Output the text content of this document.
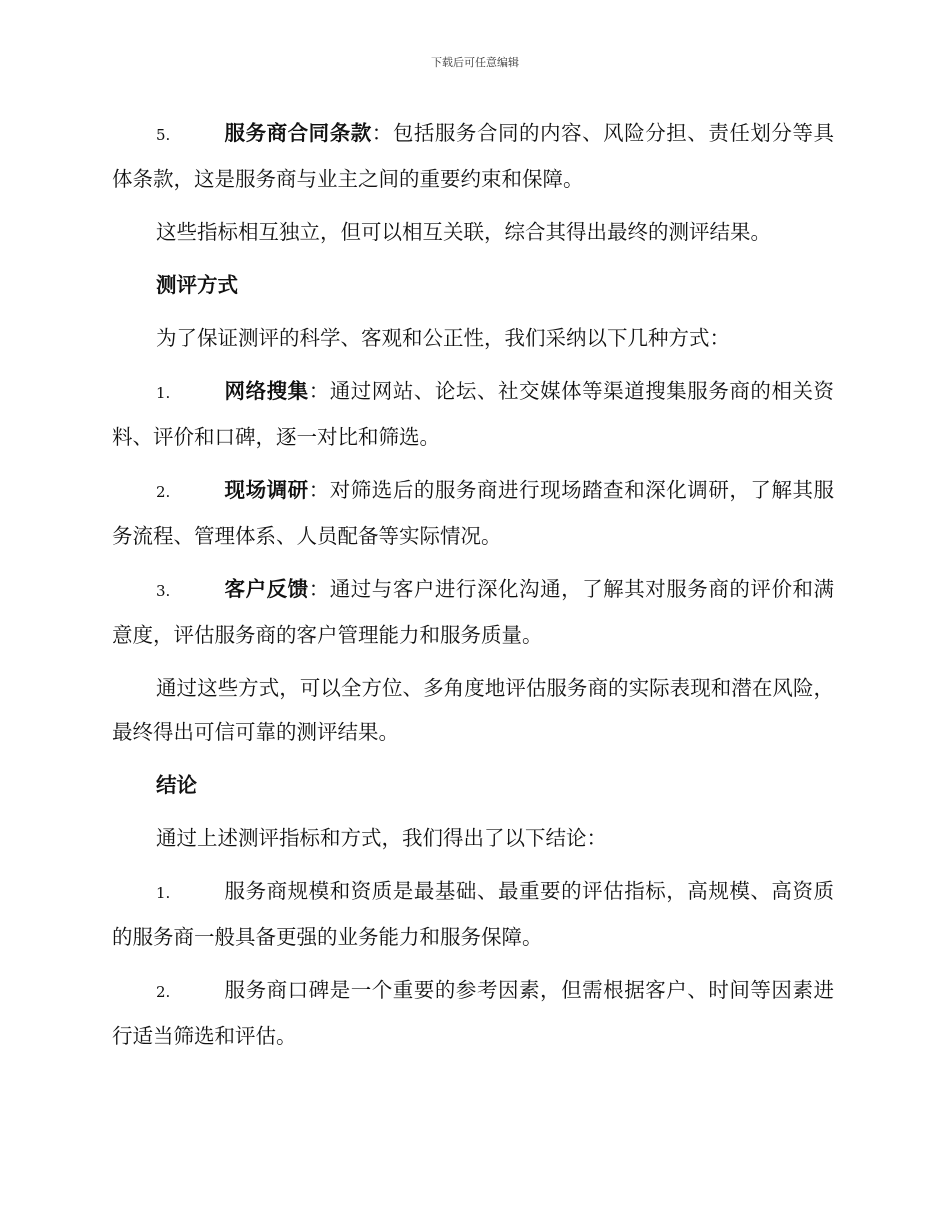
下载后可任意编辑

5.	服务商合同条款：包括服务合同的内容、风险分担、责任划分等具体条款，这是服务商与业主之间的重要约束和保障。

这些指标相互独立，但可以相互关联，综合其得出最终的测评结果。

测评方式

为了保证测评的科学、客观和公正性，我们采纳以下几种方式：

1.	网络搜集：通过网站、论坛、社交媒体等渠道搜集服务商的相关资料、评价和口碑，逐一对比和筛选。

2.	现场调研：对筛选后的服务商进行现场踏查和深化调研，了解其服务流程、管理体系、人员配备等实际情况。

3.	客户反馈：通过与客户进行深化沟通，了解其对服务商的评价和满意度，评估服务商的客户管理能力和服务质量。

通过这些方式，可以全方位、多角度地评估服务商的实际表现和潜在风险，最终得出可信可靠的测评结果。

结论

通过上述测评指标和方式，我们得出了以下结论：

1.	服务商规模和资质是最基础、最重要的评估指标，高规模、高资质的服务商一般具备更强的业务能力和服务保障。

2.	服务商口碑是一个重要的参考因素，但需根据客户、时间等因素进行适当筛选和评估。
